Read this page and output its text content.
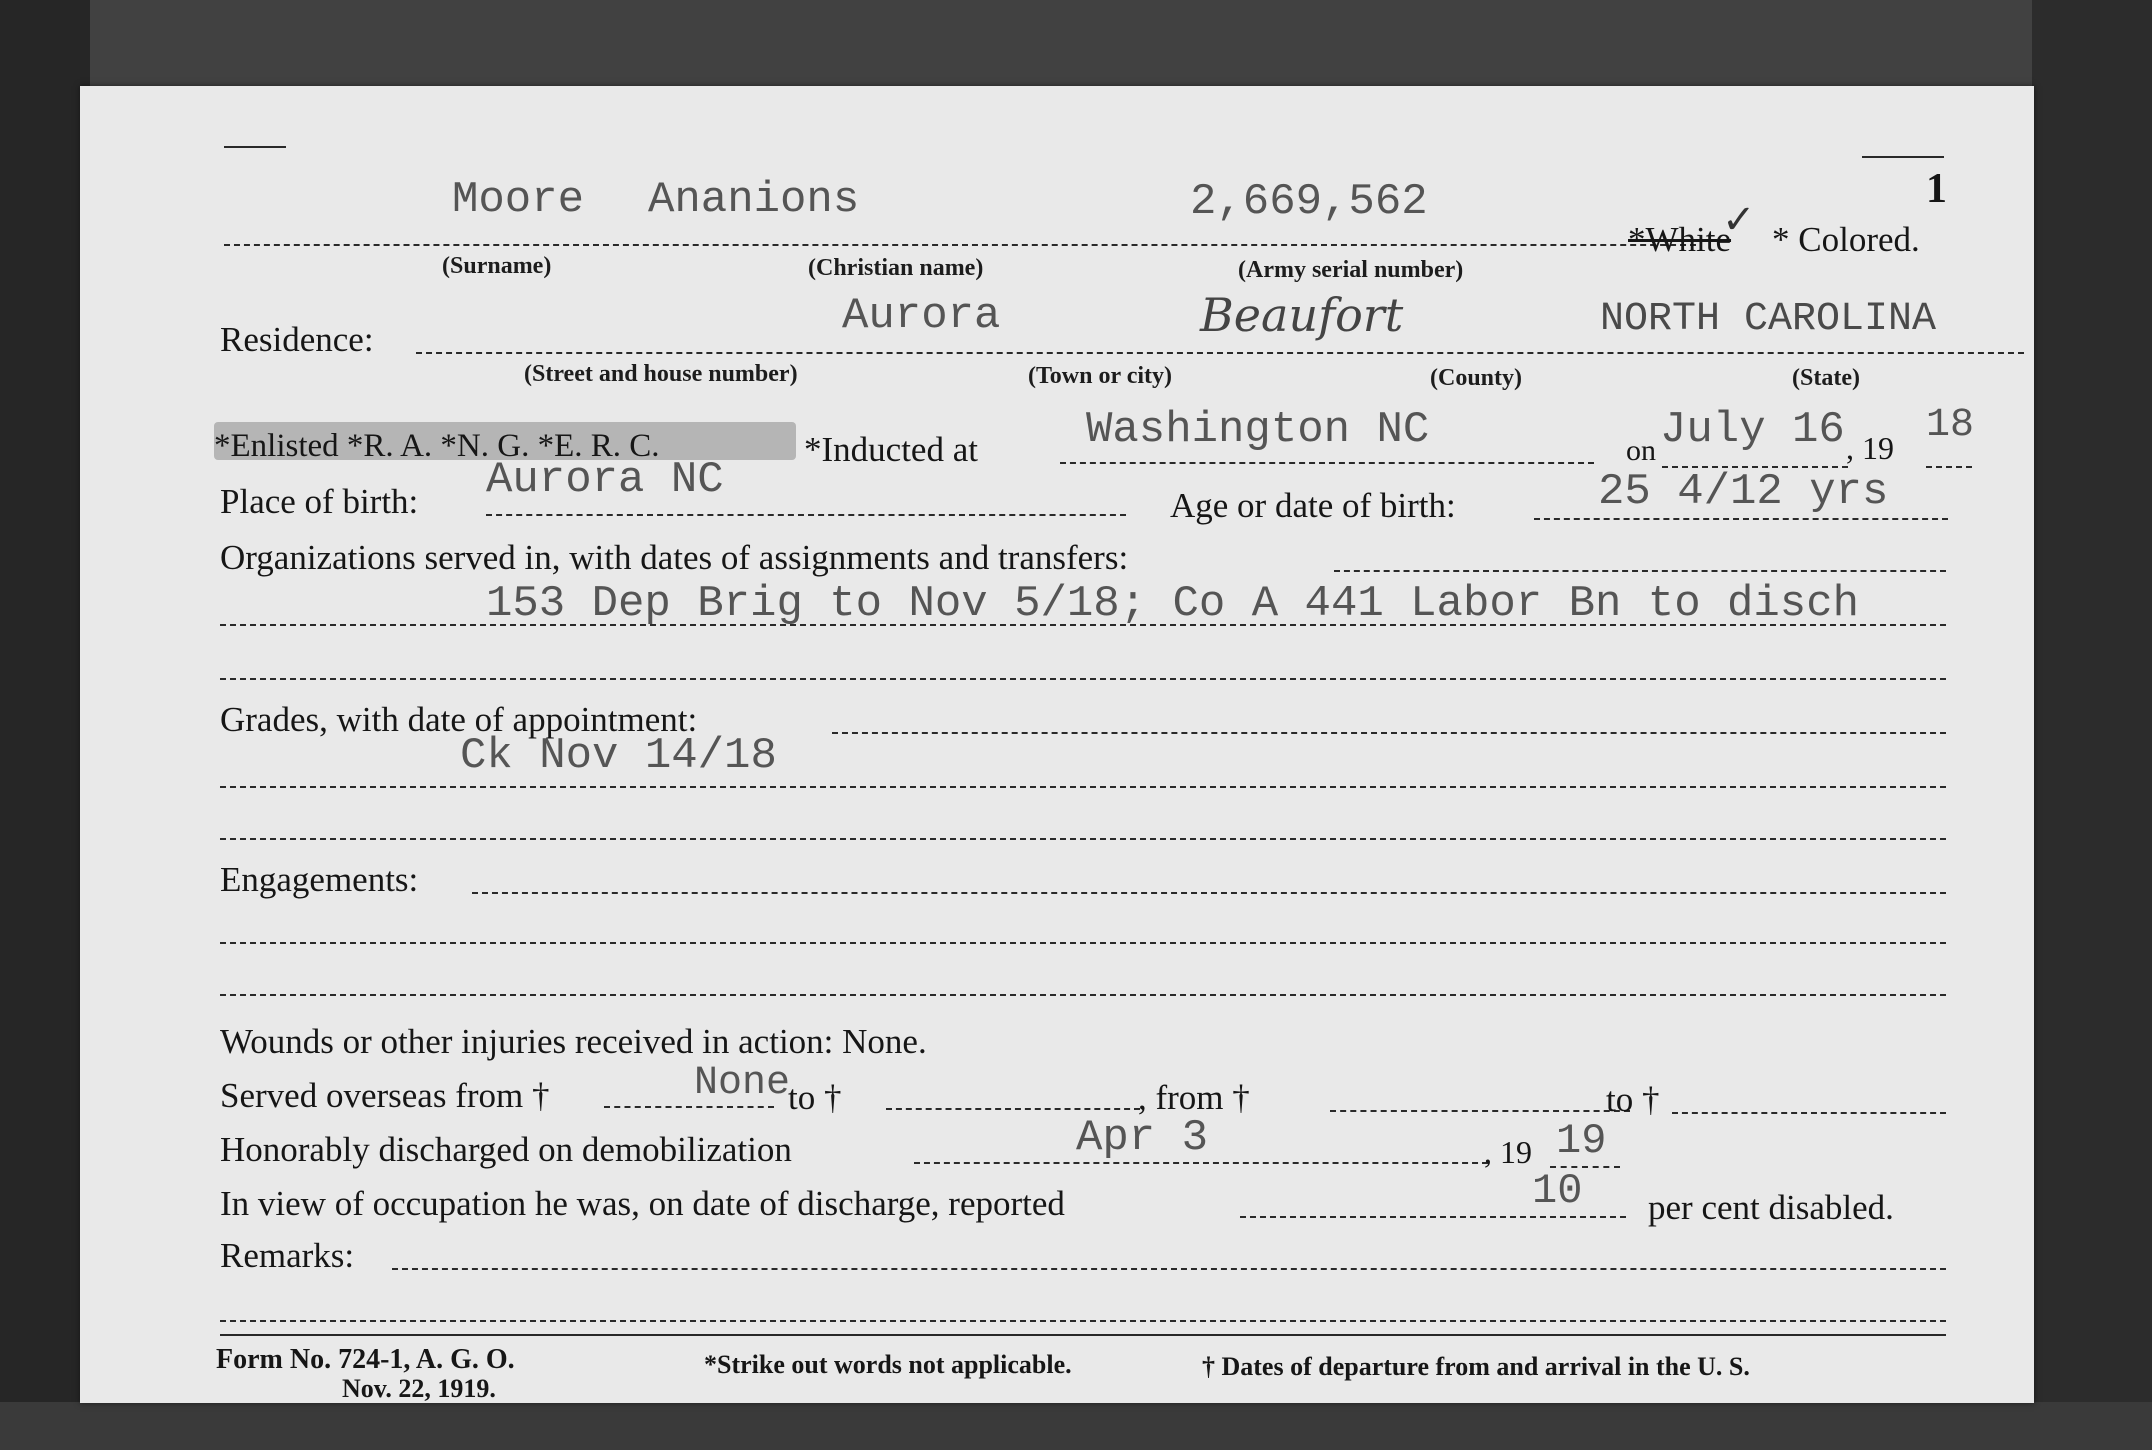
1
Moore Ananions	2,669,562
*White
✓ * Colored.
(Surname)	(Christian name)	(Army serial number)
Residence:	Aurora	Beaufort	NORTH CAROLINA
(Street and house number)	(Town or city)	(County)	(State)
*Enlisted *R. A. *N. G. *E. R. C.	*Inducted at Washington NC	on July 16 , 19 18
Place of birth: Aurora NC
Age or date of birth:	25 4/12 yrs
Organizations served in, with dates of assignments and transfers:
153 Dep Brig to Nov 5/18; Co A 441 Labor Bn to disch
Grades, with date of appointment:
Ck Nov 14/18
Engagements:
Wounds or other injuries received in action: None.
Served overseas from †	None
to †	, from †	to †
Honorably discharged on demobilization	Apr 3	, 19 19
In view of occupation he was, on date of discharge, reported	10 per cent disabled.
Remarks:
Form No. 724-1, A. G. O.
Nov. 22, 1919.
*Strike out words not applicable.	† Dates of departure from and arrival in the U. S.
